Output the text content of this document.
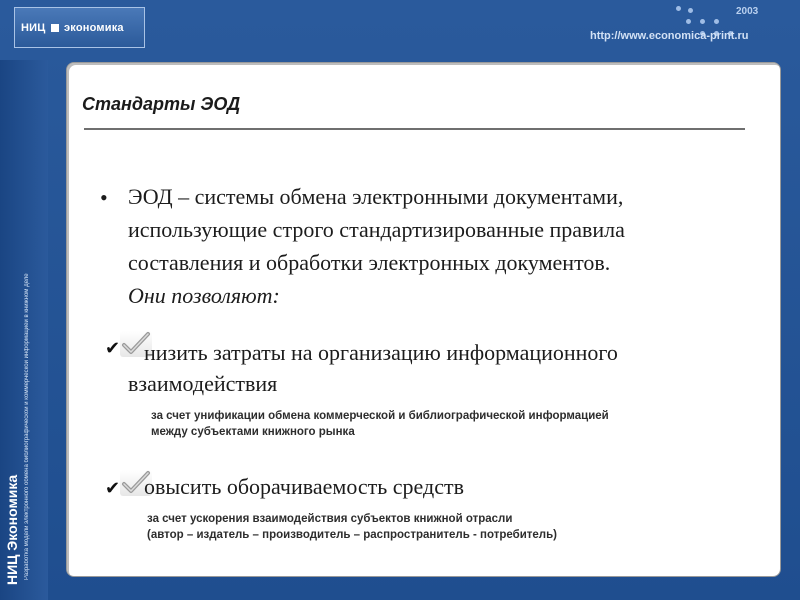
НИЦ экономика
2003
http://www.economica-print.ru
НИЦ Экономика Разработка модели электронного обмена библиографической и коммерческой информацией в книжном деле
Стандарты ЭОД
• ЭОД – системы обмена электронными документами,
использующие строго стандартизированные правила
составления и обработки электронных документов.
Они позволяют:
✔ низить затраты на организацию информационного
взаимодействия
за счет унификации обмена коммерческой и библиографической информацией
между субъектами книжного рынка
✔ овысить оборачиваемость средств
за счет ускорения взаимодействия субъектов книжной отрасли
(автор – издатель – производитель – распространитель - потребитель)
